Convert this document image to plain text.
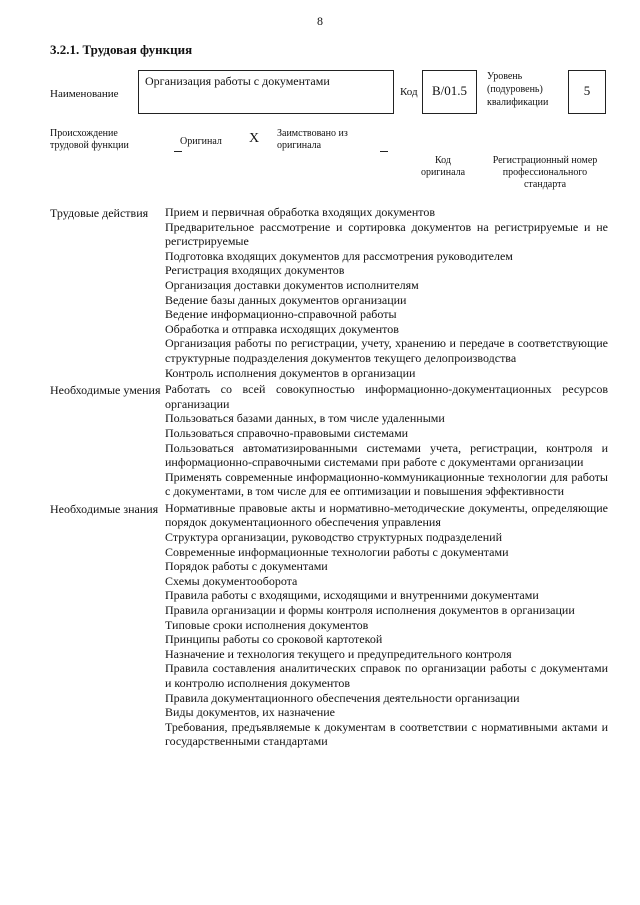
8
3.2.1. Трудовая функция
Наименование
Организация работы с документами
Код	B/01.5
Уровень (подуровень) квалификации
5
Происхождение трудовой функции	Оригинал X Заимствовано из оригинала
Код оригинала
Регистрационный номер профессионального стандарта
Трудовые действия	Прием и первичная обработка входящих документов
Предварительное рассмотрение и сортировка документов на регистрируемые и не регистрируемые
Подготовка входящих документов для рассмотрения руководителем
Регистрация входящих документов
Организация доставки документов исполнителям
Ведение базы данных документов организации
Ведение информационно-справочной работы
Обработка и отправка исходящих документов
Организация работы по регистрации, учету, хранению и передаче в соответствующие структурные подразделения документов текущего делопроизводства
Контроль исполнения документов в организации
Необходимые умения Работать со всей совокупностью информационно-документационных ресурсов организации
Пользоваться базами данных, в том числе удаленными
Пользоваться справочно-правовыми системами
Пользоваться автоматизированными системами учета, регистрации, контроля и информационно-справочными системами при работе с документами организации
Применять современные информационно-коммуникационные технологии для работы с документами, в том числе для ее оптимизации и повышения эффективности
Необходимые знания Нормативные правовые акты и нормативно-методические документы, определяющие порядок документационного обеспечения управления
Структура организации, руководство структурных подразделений
Современные информационные технологии работы с документами
Порядок работы с документами
Схемы документооборота
Правила работы с входящими, исходящими и внутренними документами
Правила организации и формы контроля исполнения документов в организации
Типовые сроки исполнения документов
Принципы работы со сроковой картотекой
Назначение и технология текущего и предупредительного контроля
Правила составления аналитических справок по организации работы с документами и контролю исполнения документов
Правила документационного обеспечения деятельности организации
Виды документов, их назначение
Требования, предъявляемые к документам в соответствии с нормативными актами и государственными стандартами
